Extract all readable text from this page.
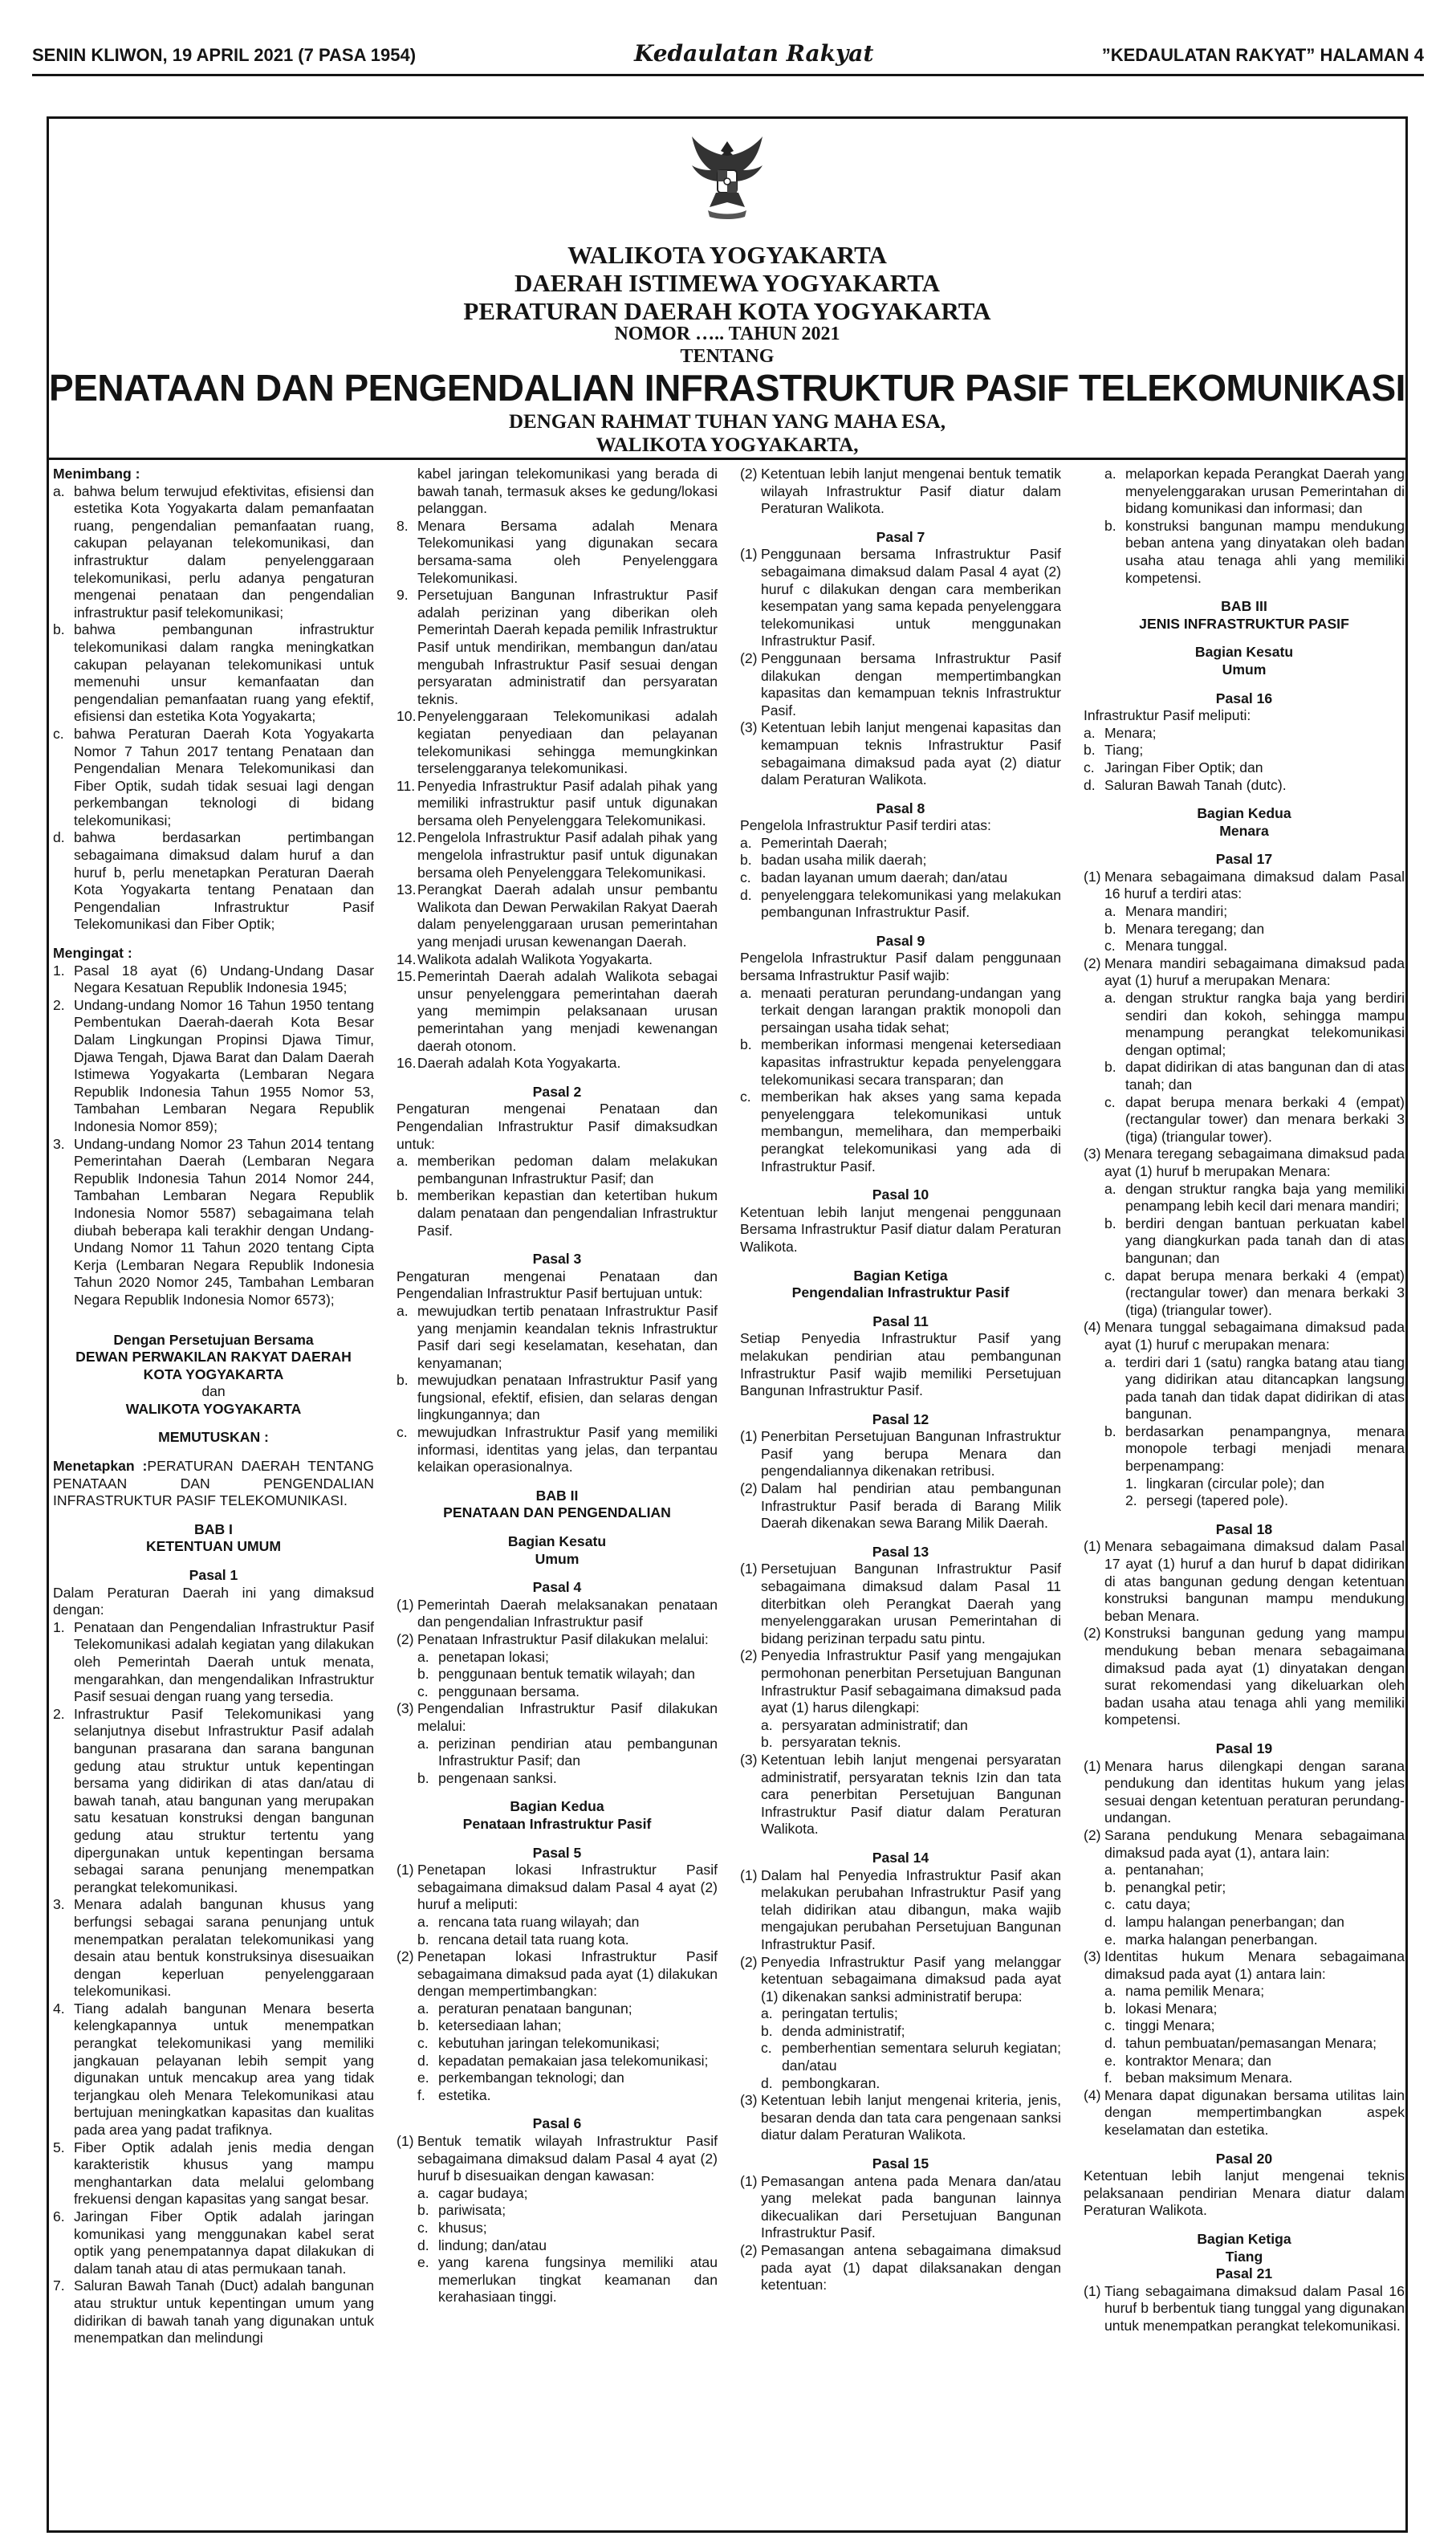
SENIN KLIWON, 19 APRIL 2021 (7 PASA 1954)	Kedaulatan Rakyat	”KEDAULATAN RAKYAT” HALAMAN 4
WALIKOTA YOGYAKARTA
DAERAH ISTIMEWA YOGYAKARTA
PERATURAN DAERAH KOTA YOGYAKARTA
NOMOR ….. TAHUN 2021
TENTANG
PENATAAN DAN PENGENDALIAN INFRASTRUKTUR PASIF TELEKOMUNIKASI
DENGAN RAHMAT TUHAN YANG MAHA ESA,
WALIKOTA YOGYAKARTA,

Menimbang :

a. bahwa belum terwujud efektivitas, efisiensi dan estetika Kota Yogyakarta dalam pemanfaatan ruang, pengendalian pemanfaatan ruang, cakupan pelayanan telekomunikasi, dan infrastruktur dalam penyelenggaraan telekomunikasi, perlu adanya pengaturan mengenai penataan dan pengendalian infrastruktur pasif telekomunikasi;

b. bahwa pembangunan infrastruktur telekomunikasi dalam rangka meningkatkan cakupan pelayanan telekomunikasi untuk memenuhi unsur kemanfaatan dan pengendalian pemanfaatan ruang yang efektif, efisiensi dan estetika Kota Yogyakarta;

c. bahwa Peraturan Daerah Kota Yogyakarta Nomor 7 Tahun 2017 tentang Penataan dan Pengendalian Menara Telekomunikasi dan Fiber Optik, sudah tidak sesuai lagi dengan perkembangan teknologi di bidang telekomunikasi;

d. bahwa berdasarkan pertimbangan sebagaimana dimaksud dalam huruf a dan huruf b, perlu menetapkan Peraturan Daerah Kota Yogyakarta tentang Penataan dan Pengendalian Infrastruktur Pasif Telekomunikasi dan Fiber Optik;

Mengingat :

1. Pasal 18 ayat (6) Undang-Undang Dasar Negara Kesatuan Republik Indonesia 1945;

2. Undang-undang Nomor 16 Tahun 1950 tentang Pembentukan Daerah-daerah Kota Besar Dalam Lingkungan Propinsi Djawa Timur, Djawa Tengah, Djawa Barat dan Dalam Daerah Istimewa Yogyakarta (Lembaran Negara Republik Indonesia Tahun 1955 Nomor 53, Tambahan Lembaran Negara Republik Indonesia Nomor 859);

3. Undang-undang Nomor 23 Tahun 2014 tentang Pemerintahan Daerah (Lembaran Negara Republik Indonesia Tahun 2014 Nomor 244, Tambahan Lembaran Negara Republik Indonesia Nomor 5587) sebagaimana telah diubah beberapa kali terakhir dengan Undang-Undang Nomor 11 Tahun 2020 tentang Cipta Kerja (Lembaran Negara Republik Indonesia Tahun 2020 Nomor 245, Tambahan Lembaran Negara Republik Indonesia Nomor 6573);

Dengan Persetujuan Bersama

DEWAN PERWAKILAN RAKYAT DAERAH

KOTA YOGYAKARTA

dan

WALIKOTA YOGYAKARTA

MEMUTUSKAN :

Menetapkan :PERATURAN DAERAH TENTANG PENATAAN DAN PENGENDALIAN INFRASTRUKTUR PASIF TELEKOMUNIKASI.

BAB I

KETENTUAN UMUM

Pasal 1

Dalam Peraturan Daerah ini yang dimaksud dengan:

1. Penataan dan Pengendalian Infrastruktur Pasif Telekomunikasi adalah kegiatan yang dilakukan oleh Pemerintah Daerah untuk menata, mengarahkan, dan mengendalikan Infrastruktur Pasif sesuai dengan ruang yang tersedia.

2. Infrastruktur Pasif Telekomunikasi yang selanjutnya disebut Infrastruktur Pasif adalah bangunan prasarana dan sarana bangunan gedung atau struktur untuk kepentingan bersama yang didirikan di atas dan/atau di bawah tanah, atau bangunan yang merupakan satu kesatuan konstruksi dengan bangunan gedung atau struktur tertentu yang dipergunakan untuk kepentingan bersama sebagai sarana penunjang menempatkan perangkat telekomunikasi.

3. Menara adalah bangunan khusus yang berfungsi sebagai sarana penunjang untuk menempatkan peralatan telekomunikasi yang desain atau bentuk konstruksinya disesuaikan dengan keperluan penyelenggaraan telekomunikasi.

4. Tiang adalah bangunan Menara beserta kelengkapannya untuk menempatkan perangkat telekomunikasi yang memiliki jangkauan pelayanan lebih sempit yang digunakan untuk mencakup area yang tidak terjangkau oleh Menara Telekomunikasi atau bertujuan meningkatkan kapasitas dan kualitas pada area yang padat trafiknya.

5. Fiber Optik adalah jenis media dengan karakteristik khusus yang mampu menghantarkan data melalui gelombang frekuensi dengan kapasitas yang sangat besar.

6. Jaringan Fiber Optik adalah jaringan komunikasi yang menggunakan kabel serat optik yang penempatannya dapat dilakukan di dalam tanah atau di atas permukaan tanah.

7. Saluran Bawah Tanah (Duct) adalah bangunan atau struktur untuk kepentingan umum yang didirikan di bawah tanah yang digunakan untuk menempatkan dan melindungi

kabel jaringan telekomunikasi yang berada di bawah tanah, termasuk akses ke gedung/lokasi pelanggan.

8. Menara Bersama adalah Menara Telekomunikasi yang digunakan secara bersama-sama oleh Penyelenggara Telekomunikasi.

9. Persetujuan Bangunan Infrastruktur Pasif adalah perizinan yang diberikan oleh Pemerintah Daerah kepada pemilik Infrastruktur Pasif untuk mendirikan, membangun dan/atau mengubah Infrastruktur Pasif sesuai dengan persyaratan administratif dan persyaratan teknis.

10. Penyelenggaraan Telekomunikasi adalah kegiatan penyediaan dan pelayanan telekomunikasi sehingga memungkinkan terselenggaranya telekomunikasi.

11. Penyedia Infrastruktur Pasif adalah pihak yang memiliki infrastruktur pasif untuk digunakan bersama oleh Penyelenggara Telekomunikasi.

12. Pengelola Infrastruktur Pasif adalah pihak yang mengelola infrastruktur pasif untuk digunakan bersama oleh Penyelenggara Telekomunikasi.

13. Perangkat Daerah adalah unsur pembantu Walikota dan Dewan Perwakilan Rakyat Daerah dalam penyelenggaraan urusan pemerintahan yang menjadi urusan kewenangan Daerah.

14. Walikota adalah Walikota Yogyakarta.

15. Pemerintah Daerah adalah Walikota sebagai unsur penyelenggara pemerintahan daerah yang memimpin pelaksanaan urusan pemerintahan yang menjadi kewenangan daerah otonom.

16. Daerah adalah Kota Yogyakarta.

Pasal 2

Pengaturan mengenai Penataan dan Pengendalian Infrastruktur Pasif dimaksudkan untuk:

a. memberikan pedoman dalam melakukan pembangunan Infrastruktur Pasif; dan

b. memberikan kepastian dan ketertiban hukum dalam penataan dan pengendalian Infrastruktur Pasif.

Pasal 3

Pengaturan mengenai Penataan dan Pengendalian Infrastruktur Pasif bertujuan untuk:

a. mewujudkan tertib penataan Infrastruktur Pasif yang menjamin keandalan teknis Infrastruktur Pasif dari segi keselamatan, kesehatan, dan kenyamanan;

b. mewujudkan penataan Infrastruktur Pasif yang fungsional, efektif, efisien, dan selaras dengan lingkungannya; dan

c. mewujudkan Infrastruktur Pasif yang memiliki informasi, identitas yang jelas, dan terpantau kelaikan operasionalnya.

BAB II

PENATAAN DAN PENGENDALIAN

Bagian Kesatu

Umum

Pasal 4

(1) Pemerintah Daerah melaksanakan penataan dan pengendalian Infrastruktur pasif

(2) Penataan Infrastruktur Pasif dilakukan melalui:

a. penetapan lokasi;

b. penggunaan bentuk tematik wilayah; dan

c. penggunaan bersama.

(3) Pengendalian Infrastruktur Pasif dilakukan melalui:

a. perizinan pendirian atau pembangunan Infrastruktur Pasif; dan

b. pengenaan sanksi.

Bagian Kedua

Penataan Infrastruktur Pasif

Pasal 5

(1) Penetapan lokasi Infrastruktur Pasif sebagaimana dimaksud dalam Pasal 4 ayat (2) huruf a meliputi:

a. rencana tata ruang wilayah; dan

b. rencana detail tata ruang kota.

(2) Penetapan lokasi Infrastruktur Pasif sebagaimana dimaksud pada ayat (1) dilakukan dengan mempertimbangkan:

a. peraturan penataan bangunan;

b. ketersediaan lahan;

c. kebutuhan jaringan telekomunikasi;

d. kepadatan pemakaian jasa telekomunikasi;

e. perkembangan teknologi; dan

f. estetika.

Pasal 6

(1) Bentuk tematik wilayah Infrastruktur Pasif sebagaimana dimaksud dalam Pasal 4 ayat (2) huruf b disesuaikan dengan kawasan:

a. cagar budaya;

b. pariwisata;

c. khusus;

d. lindung; dan/atau

e. yang karena fungsinya memiliki atau memerlukan tingkat keamanan dan kerahasiaan tinggi.

(2) Ketentuan lebih lanjut mengenai bentuk tematik wilayah Infrastruktur Pasif diatur dalam Peraturan Walikota.

Pasal 7

(1) Penggunaan bersama Infrastruktur Pasif sebagaimana dimaksud dalam Pasal 4 ayat (2) huruf c dilakukan dengan cara memberikan kesempatan yang sama kepada penyelenggara telekomunikasi untuk menggunakan Infrastruktur Pasif.

(2) Penggunaan bersama Infrastruktur Pasif dilakukan dengan mempertimbangkan kapasitas dan kemampuan teknis Infrastruktur Pasif.

(3) Ketentuan lebih lanjut mengenai kapasitas dan kemampuan teknis Infrastruktur Pasif sebagaimana dimaksud pada ayat (2) diatur dalam Peraturan Walikota.

Pasal 8

Pengelola Infrastruktur Pasif terdiri atas:

a. Pemerintah Daerah;

b. badan usaha milik daerah;

c. badan layanan umum daerah; dan/atau

d. penyelenggara telekomunikasi yang melakukan pembangunan Infrastruktur Pasif.

Pasal 9

Pengelola Infrastruktur Pasif dalam penggunaan bersama Infrastruktur Pasif wajib:

a. menaati peraturan perundang-undangan yang terkait dengan larangan praktik monopoli dan persaingan usaha tidak sehat;

b. memberikan informasi mengenai ketersediaan kapasitas infrastruktur kepada penyelenggara telekomunikasi secara transparan; dan

c. memberikan hak akses yang sama kepada penyelenggara telekomunikasi untuk membangun, memelihara, dan memperbaiki perangkat telekomunikasi yang ada di Infrastruktur Pasif.

Pasal 10

Ketentuan lebih lanjut mengenai penggunaan Bersama Infrastruktur Pasif diatur dalam Peraturan Walikota.

Bagian Ketiga

Pengendalian Infrastruktur Pasif

Pasal 11

Setiap Penyedia Infrastruktur Pasif yang melakukan pendirian atau pembangunan Infrastruktur Pasif wajib memiliki Persetujuan Bangunan Infrastruktur Pasif.

Pasal 12

(1) Penerbitan Persetujuan Bangunan Infrastruktur Pasif yang berupa Menara dan pengendaliannya dikenakan retribusi.

(2) Dalam hal pendirian atau pembangunan Infrastruktur Pasif berada di Barang Milik Daerah dikenakan sewa Barang Milik Daerah.

Pasal 13

(1) Persetujuan Bangunan Infrastruktur Pasif sebagaimana dimaksud dalam Pasal 11 diterbitkan oleh Perangkat Daerah yang menyelenggarakan urusan Pemerintahan di bidang perizinan terpadu satu pintu.

(2) Penyedia Infrastruktur Pasif yang mengajukan permohonan penerbitan Persetujuan Bangunan Infrastruktur Pasif sebagaimana dimaksud pada ayat (1) harus dilengkapi:

a. persyaratan administratif; dan

b. persyaratan teknis.

(3) Ketentuan lebih lanjut mengenai persyaratan administratif, persyaratan teknis Izin dan tata cara penerbitan Persetujuan Bangunan Infrastruktur Pasif diatur dalam Peraturan Walikota.

Pasal 14

(1) Dalam hal Penyedia Infrastruktur Pasif akan melakukan perubahan Infrastruktur Pasif yang telah didirikan atau dibangun, maka wajib mengajukan perubahan Persetujuan Bangunan Infrastruktur Pasif.

(2) Penyedia Infrastruktur Pasif yang melanggar ketentuan sebagaimana dimaksud pada ayat (1) dikenakan sanksi administratif berupa:

a. peringatan tertulis;

b. denda administratif;

c. pemberhentian sementara seluruh kegiatan; dan/atau

d. pembongkaran.

(3) Ketentuan lebih lanjut mengenai kriteria, jenis, besaran denda dan tata cara pengenaan sanksi diatur dalam Peraturan Walikota.

Pasal 15

(1) Pemasangan antena pada Menara dan/atau yang melekat pada bangunan lainnya dikecualikan dari Persetujuan Bangunan Infrastruktur Pasif.

(2) Pemasangan antena sebagaimana dimaksud pada ayat (1) dapat dilaksanakan dengan ketentuan:

a. melaporkan kepada Perangkat Daerah yang menyelenggarakan urusan Pemerintahan di bidang komunikasi dan informasi; dan

b. konstruksi bangunan mampu mendukung beban antena yang dinyatakan oleh badan usaha atau tenaga ahli yang memiliki kompetensi.

BAB III

JENIS INFRASTRUKTUR PASIF

Bagian Kesatu

Umum

Pasal 16

Infrastruktur Pasif meliputi:

a. Menara;

b. Tiang;

c. Jaringan Fiber Optik; dan

d. Saluran Bawah Tanah (dutc).

Bagian Kedua

Menara

Pasal 17

(1) Menara sebagaimana dimaksud dalam Pasal 16 huruf a terdiri atas:

a. Menara mandiri;

b. Menara teregang; dan

c. Menara tunggal.

(2) Menara mandiri sebagaimana dimaksud pada ayat (1) huruf a merupakan Menara:

a. dengan struktur rangka baja yang berdiri sendiri dan kokoh, sehingga mampu menampung perangkat telekomunikasi dengan optimal;

b. dapat didirikan di atas bangunan dan di atas tanah; dan

c. dapat berupa menara berkaki 4 (empat) (rectangular tower) dan menara berkaki 3 (tiga) (triangular tower).

(3) Menara teregang sebagaimana dimaksud pada ayat (1) huruf b merupakan Menara:

a. dengan struktur rangka baja yang memiliki penampang lebih kecil dari menara mandiri;

b. berdiri dengan bantuan perkuatan kabel yang diangkurkan pada tanah dan di atas bangunan; dan

c. dapat berupa menara berkaki 4 (empat) (rectangular tower) dan menara berkaki 3 (tiga) (triangular tower).

(4) Menara tunggal sebagaimana dimaksud pada ayat (1) huruf c merupakan menara:

a. terdiri dari 1 (satu) rangka batang atau tiang yang didirikan atau ditancapkan langsung pada tanah dan tidak dapat didirikan di atas bangunan.

b. berdasarkan penampangnya, menara monopole terbagi menjadi menara berpenampang:

1. lingkaran (circular pole); dan

2. persegi (tapered pole).

Pasal 18

(1) Menara sebagaimana dimaksud dalam Pasal 17 ayat (1) huruf a dan huruf b dapat didirikan di atas bangunan gedung dengan ketentuan konstruksi bangunan mampu mendukung beban Menara.

(2) Konstruksi bangunan gedung yang mampu mendukung beban menara sebagaimana dimaksud pada ayat (1) dinyatakan dengan surat rekomendasi yang dikeluarkan oleh badan usaha atau tenaga ahli yang memiliki kompetensi.

Pasal 19

(1) Menara harus dilengkapi dengan sarana pendukung dan identitas hukum yang jelas sesuai dengan ketentuan peraturan perundang-undangan.

(2) Sarana pendukung Menara sebagaimana dimaksud pada ayat (1), antara lain:

a. pentanahan;

b. penangkal petir;

c. catu daya;

d. lampu halangan penerbangan; dan

e. marka halangan penerbangan.

(3) Identitas hukum Menara sebagaimana dimaksud pada ayat (1) antara lain:

a. nama pemilik Menara;

b. lokasi Menara;

c. tinggi Menara;

d. tahun pembuatan/pemasangan Menara;

e. kontraktor Menara; dan

f. beban maksimum Menara.

(4) Menara dapat digunakan bersama utilitas lain dengan mempertimbangkan aspek keselamatan dan estetika.

Pasal 20

Ketentuan lebih lanjut mengenai teknis pelaksanaan pendirian Menara diatur dalam Peraturan Walikota.

Bagian Ketiga

Tiang

Pasal 21

(1) Tiang sebagaimana dimaksud dalam Pasal 16 huruf b berbentuk tiang tunggal yang digunakan untuk menempatkan perangkat telekomunikasi.
